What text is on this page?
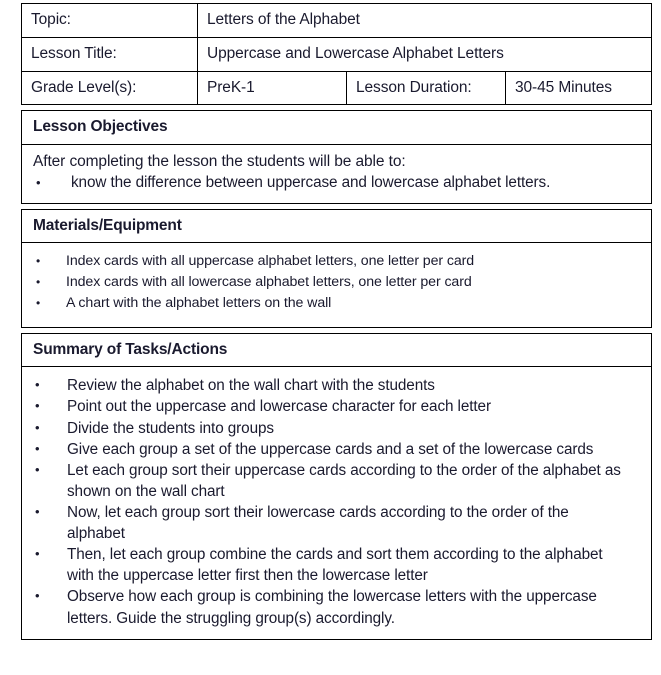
Topic:	Letters of the Alphabet
Lesson Title:	Uppercase and Lowercase Alphabet Letters
Grade Level(s):	PreK-1	Lesson Duration:	30-45 Minutes
Lesson Objectives

After completing the lesson the students will be able to:

• know the difference between uppercase and lowercase alphabet letters.
Materials/Equipment
• Index cards with all uppercase alphabet letters, one letter per card
• Index cards with all lowercase alphabet letters, one letter per card
• A chart with the alphabet letters on the wall
Summary of Tasks/Actions
• Review the alphabet on the wall chart with the students
• Point out the uppercase and lowercase character for each letter
• Divide the students into groups
• Give each group a set of the uppercase cards and a set of the lowercase cards
• Let each group sort their uppercase cards according to the order of the alphabet as shown on the wall chart
• Now, let each group sort their lowercase cards according to the order of the alphabet
• Then, let each group combine the cards and sort them according to the alphabet with the uppercase letter first then the lowercase letter
• Observe how each group is combining the lowercase letters with the uppercase letters. Guide the struggling group(s) accordingly.
